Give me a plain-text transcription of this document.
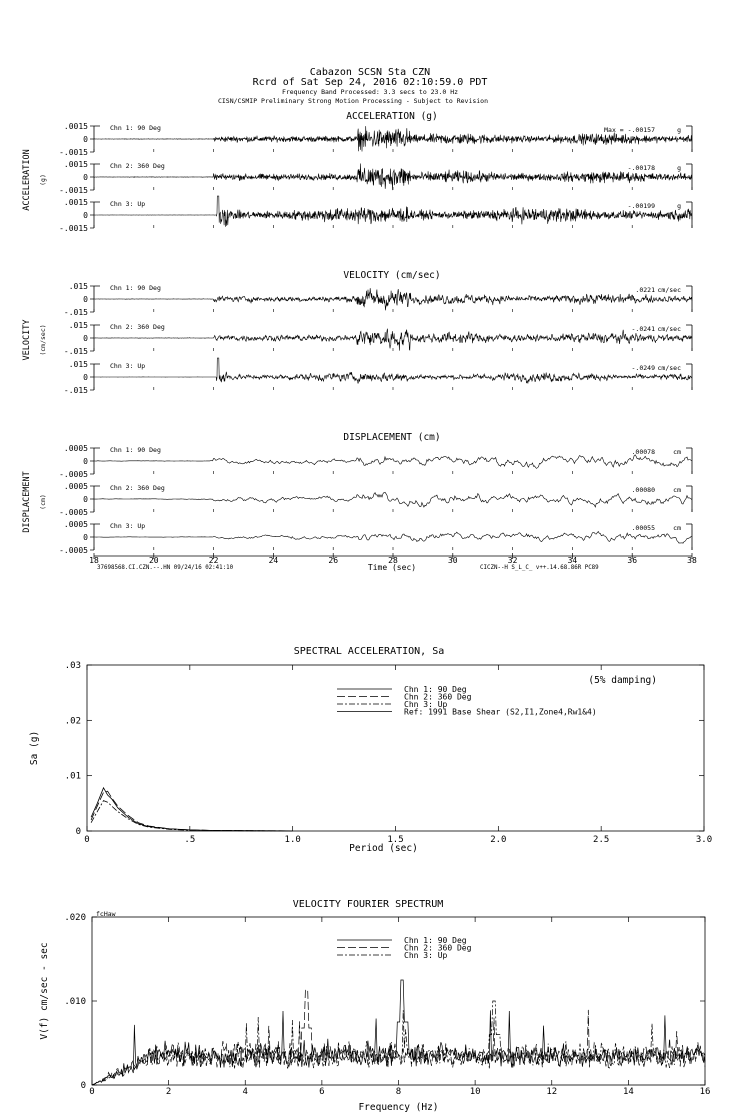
Cabazon SCSN Sta CZN
Rcrd of Sat Sep 24, 2016 02:10:59.0 PDT
Frequency Band Processed: 3.3 secs to 23.0 Hz
CISN/CSMIP Preliminary Strong Motion Processing - Subject to Revision
ACCELERATION (g)
ACCELERATION (g)
.0015
0
-.0015
Chn 1: 90 Deg	Max = -.00157	g
.0015
0
-.0015
Chn 2: 360 Deg	-.00178	g
.0015
0
-.0015
Chn 3: Up	-.00199	g
VELOCITY (cm/sec)
VELOCITY (cm/sec)
.015
0
-.015
Chn 1: 90 Deg	.0221 cm/sec
.015
0
-.015
Chn 2: 360 Deg	-.0241 cm/sec
.015
0
-.015
Chn 3: Up	-.0249 cm/sec
DISPLACEMENT (cm)
DISPLACEMENT (cm)
.0005
0
-.0005
Chn 1: 90 Deg	.00078	cm
.0005
0
-.0005
Chn 2: 360 Deg	.00080	cm
.0005
0
-.0005
Chn 3: Up	.00055	cm
18	20	22	24	26	28	30	32	34	36	38
Time (sec)
37698568.CI.CZN.--.HN 09/24/16 02:41:10	CICZN--H S_L_C_ v++.14.68.86R PC89
SPECTRAL ACCELERATION, Sa
0	.5	1.0	1.5	2.0	2.5	3.0
0
.01
.02
.03
Period (sec)
Sa (g)
(5% damping)
Chn 1: 90 Deg
Chn 2: 360 Deg
Chn 3: Up
Ref: 1991 Base Shear (S2,I1,Zone4,Rw1&4)
VELOCITY FOURIER SPECTRUM
0	2	4	6	8	10	12	14	16
0
.010
.020
Frequency (Hz)
V(f) cm/sec - sec
fcHaw
Chn 1: 90 Deg
Chn 2: 360 Deg
Chn 3: Up
